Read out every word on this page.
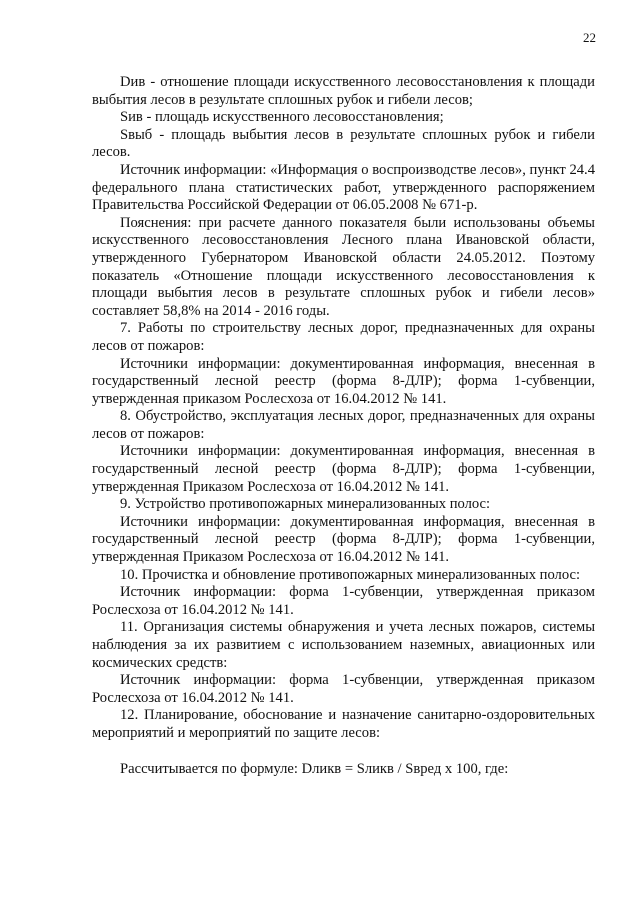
22

Dив - отношение площади искусственного лесовосстановления к площади выбытия лесов в результате сплошных рубок и гибели лесов;

Sив - площадь искусственного лесовосстановления;

Sвыб - площадь выбытия лесов в результате сплошных рубок и гибели лесов.

Источник информации: «Информация о воспроизводстве лесов», пункт 24.4 федерального плана статистических работ, утвержденного распоряжением Правительства Российской Федерации от 06.05.2008 № 671-р.

Пояснения: при расчете данного показателя были использованы объемы искусственного лесовосстановления Лесного плана Ивановской области, утвержденного Губернатором Ивановской области 24.05.2012. Поэтому показатель «Отношение площади искусственного лесовосстановления к площади выбытия лесов в результате сплошных рубок и гибели лесов» составляет 58,8% на 2014 - 2016 годы.

7. Работы по строительству лесных дорог, предназначенных для охраны лесов от пожаров:

Источники информации: документированная информация, внесенная в государственный лесной реестр (форма 8-ДЛР); форма 1-субвенции, утвержденная приказом Рослесхоза от 16.04.2012 № 141.

8. Обустройство, эксплуатация лесных дорог, предназначенных для охраны лесов от пожаров:

Источники информации: документированная информация, внесенная в государственный лесной реестр (форма 8-ДЛР); форма 1-субвенции, утвержденная Приказом Рослесхоза от 16.04.2012 № 141.

9. Устройство противопожарных минерализованных полос:

Источники информации: документированная информация, внесенная в государственный лесной реестр (форма 8-ДЛР); форма 1-субвенции, утвержденная Приказом Рослесхоза от 16.04.2012 № 141.

10. Прочистка и обновление противопожарных минерализованных полос:

Источник информации: форма 1-субвенции, утвержденная приказом Рослесхоза от 16.04.2012 № 141.

11. Организация системы обнаружения и учета лесных пожаров, системы наблюдения за их развитием с использованием наземных, авиационных или космических средств:

Источник информации: форма 1-субвенции, утвержденная приказом Рослесхоза от 16.04.2012 № 141.

12. Планирование, обоснование и назначение санитарно-оздоровительных мероприятий и мероприятий по защите лесов:

Рассчитывается по формуле: Dликв = Sликв / Sвред х 100, где:
